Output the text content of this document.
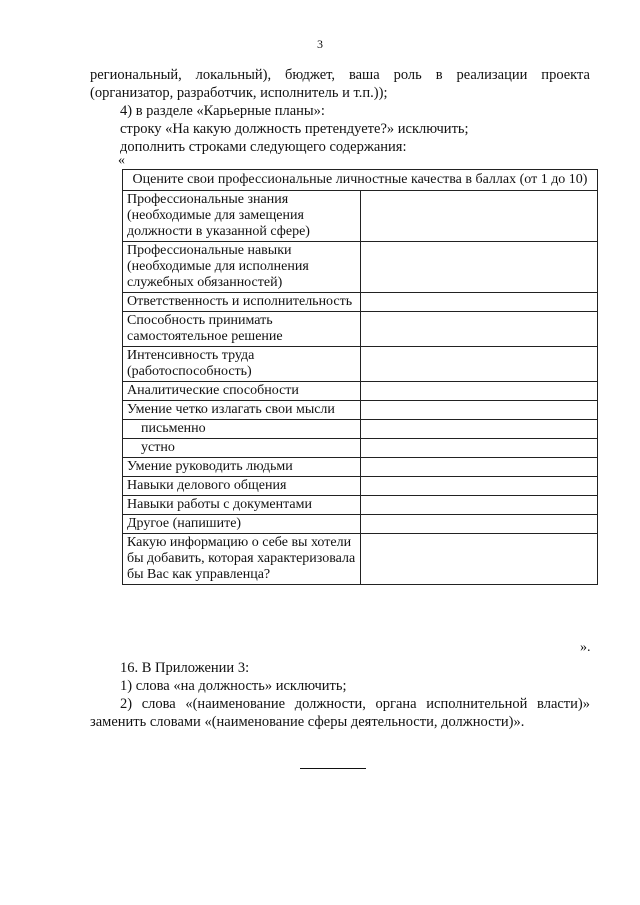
3
региональный, локальный), бюджет, ваша роль в реализации проекта
(организатор, разработчик, исполнитель и т.п.));
4) в разделе «Карьерные планы»:
строку «На какую должность претендуете?» исключить;
дополнить строками следующего содержания:
«
Оцените свои профессиональные личностные качества в баллах (от 1 до 10)	
Профессиональные знания (необходимые для замещения должности в указанной сфере)	
Профессиональные навыки (необходимые для исполнения служебных обязанностей)	
Ответственность и исполнительность	
Способность принимать самостоятельное решение	
Интенсивность труда (работоспособность)	
Аналитические способности	
Умение четко излагать свои мысли	
письменно	
устно	
Умение руководить людьми	
Навыки делового общения	
Навыки работы с документами	
Другое (напишите)	
Какую информацию о себе вы хотели бы добавить, которая характеризовала бы Вас как управленца?	
».
16. В Приложении 3:
1) слова «на должность» исключить;
2) слова «(наименование должности, органа исполнительной власти)»
заменить словами «(наименование сферы деятельности, должности)».
